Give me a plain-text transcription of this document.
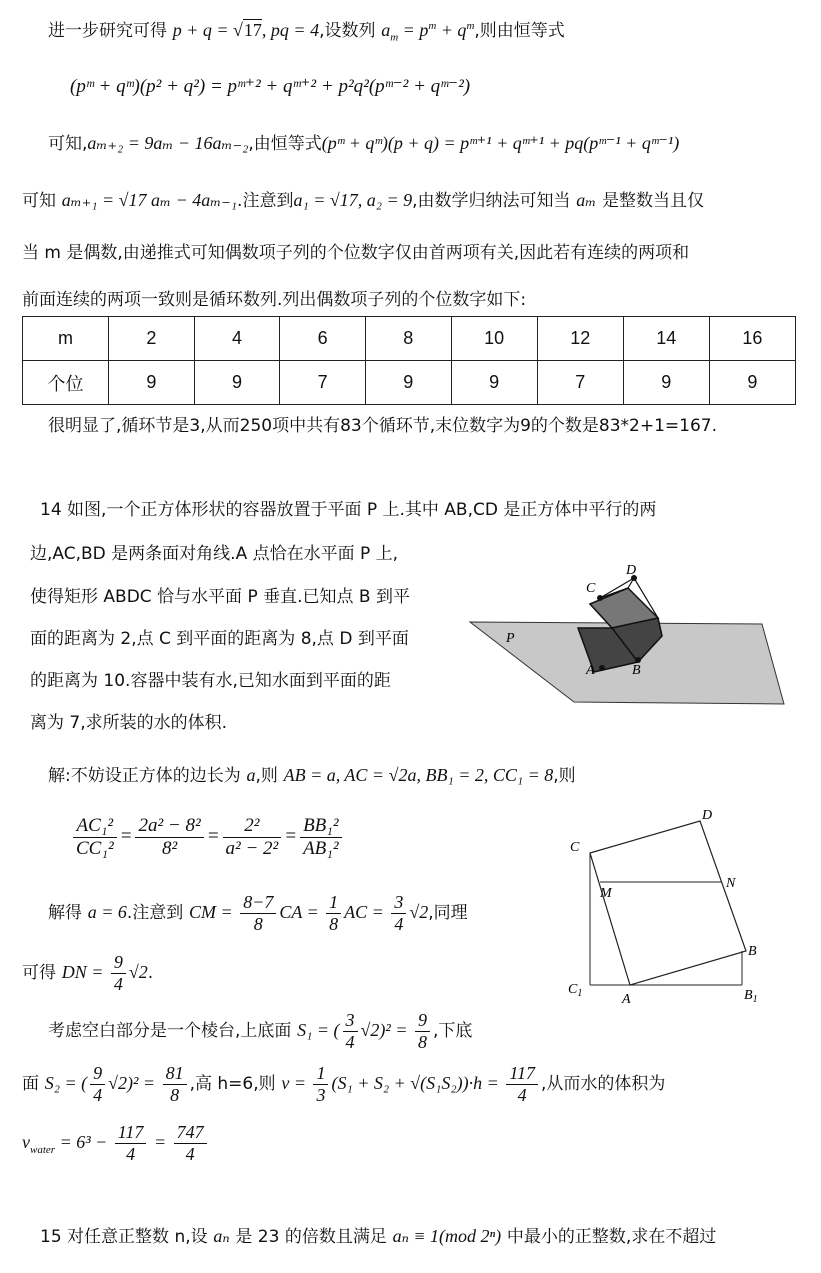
进一步研究可得 p + q = √17, pq = 4,设数列 $a_m = p^m + q^m$,则由恒等式
(pᵐ + qᵐ)(p² + q²) = pᵐ⁺² + qᵐ⁺² + p²q²(pᵐ⁻² + qᵐ⁻²)
可知,aₘ₊₂ = 9aₘ − 16aₘ₋₂,由恒等式(pᵐ + qᵐ)(p + q) = pᵐ⁺¹ + qᵐ⁺¹ + pq(pᵐ⁻¹ + qᵐ⁻¹)
可知 aₘ₊₁ = √17 aₘ − 4aₘ₋₁.注意到a₁ = √17, a₂ = 9,由数学归纳法可知当 aₘ 是整数当且仅
当 m 是偶数,由递推式可知偶数项子列的个位数字仅由首两项有关,因此若有连续的两项和
前面连续的两项一致则是循环数列.列出偶数项子列的个位数字如下:
m	2	4	6	8	10	12	14	16
个位	9	9	7	9	9	7	9	9
很明显了,循环节是3,从而250项中共有83个循环节,末位数字为9的个数是83*2+1=167.
14 如图,一个正方体形状的容器放置于平面 P 上.其中 AB,CD 是正方体中平行的两
边,AC,BD 是两条面对角线.A 点恰在水平面 P 上,
使得矩形 ABDC 恰与水平面 P 垂直.已知点 B 到平
面的距离为 2,点 C 到平面的距离为 8,点 D 到平面
的距离为 10.容器中装有水,已知水面到平面的距
离为 7,求所装的水的体积.
C
D
P
A	B
解:不妨设正方体的边长为 a,则 AB = a, AC = √2a, BB₁ = 2, CC₁ = 8,则
$\frac{\text{AC₁²}}{\text{CC₁²}} = \frac{\text{2a² − 8²}}{\text{8²}} = \frac{\text{2²}}{\text{a² − 2²}} = \frac{\text{BB₁²}}{\text{AB₁²}}$
解得 a = 6.注意到 CM = $\frac{8-7}{8}$ CA = $\frac{1}{8}$ AC = $\frac{3}{4} √2$,同理
可得 DN = $\frac{9}{4} √2$.
考虑空白部分是一个棱台,上底面 S₁ = ( $\frac{3}{4} √2)^2 = \frac{9}{8}$ ,下底
面 S₂ = ( $\frac{9}{4} √2)^2 = \frac{81}{8}$ ,高 h=6,则 $v = \frac{1}{3} (S_1 + S_2 + √(S_1S_2))\cdot h = \frac{117}{4}$ ,从而水的体积为
$v_{water} = 6^3 - \frac{117}{4} = \frac{747}{4}$
D
C
N
M
B
$C_1$	A	$B_1$
15 对任意正整数 n,设 aₙ 是 23 的倍数且满足 aₙ ≡ 1(mod 2ⁿ) 中最小的正整数,求在不超过
